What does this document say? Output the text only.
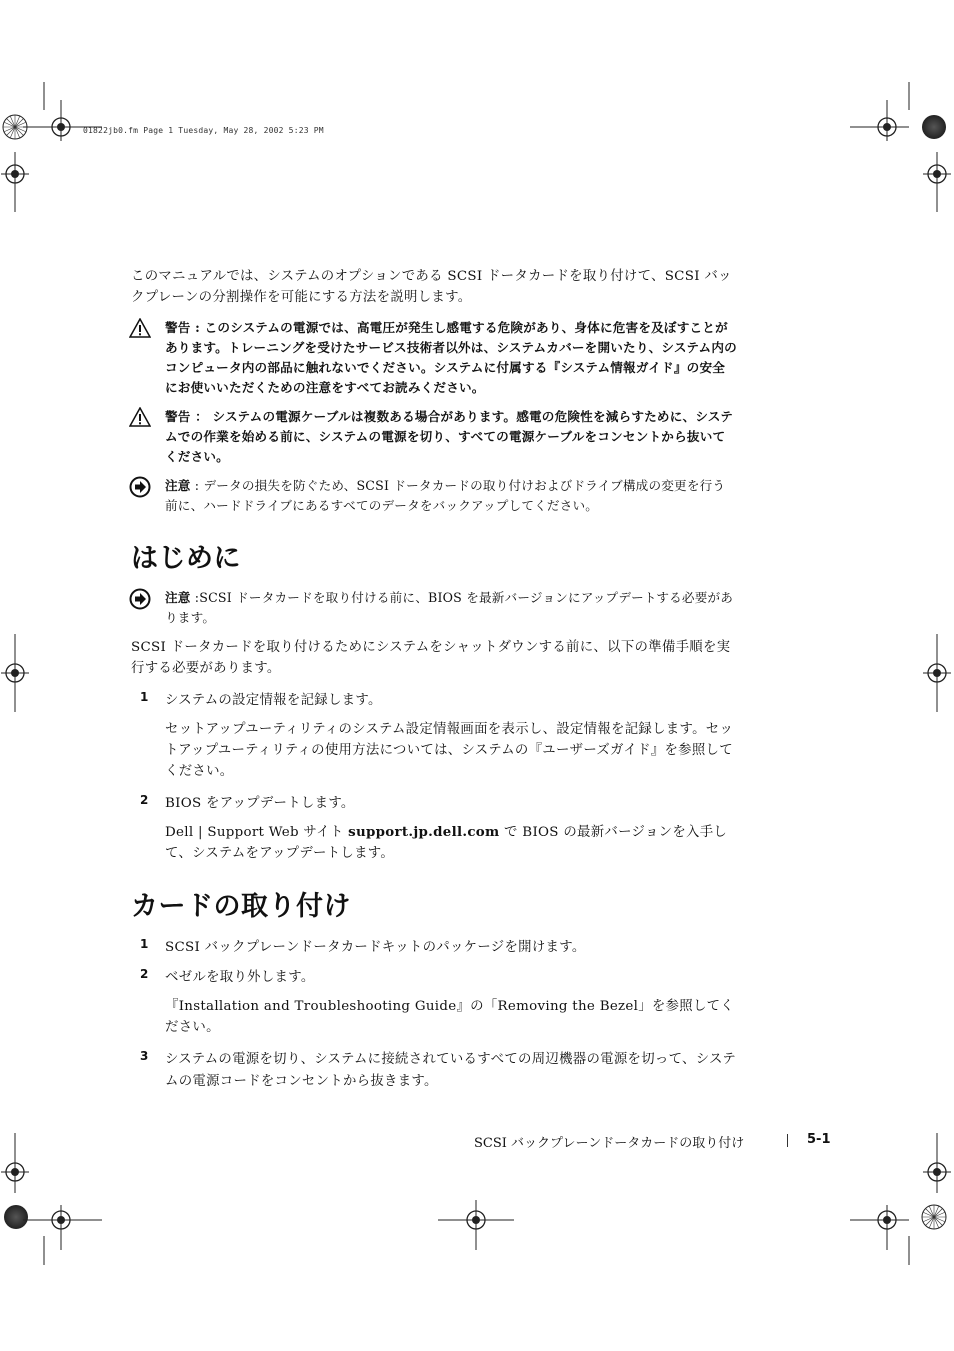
01822jb0.fm Page 1 Tuesday, May 28, 2002 5:23 PM

このマニュアルでは、システムのオプションである SCSI ドータカードを取り付けて、SCSI バックプレーンの分割操作を可能にする方法を説明します。

警告 : このシステムの電源では、高電圧が発生し感電する危険があり、身体に危害を及ぼすことがあります。トレーニングを受けたサービス技術者以外は、システムカバーを開いたり、システム内のコンピュータ内の部品に触れないでください。システムに付属する『システム情報ガイド』の安全にお使いいただくための注意をすべてお読みください。
警告 ： システムの電源ケーブルは複数ある場合があります。感電の危険性を減らすために、システムでの作業を始める前に、システムの電源を切り、すべての電源ケーブルをコンセントから抜いてください。
注意 : データの損失を防ぐため、SCSI ドータカードの取り付けおよびドライブ構成の変更を行う前に、ハードドライブにあるすべてのデータをバックアップしてください。
はじめに
注意 :SCSI ドータカードを取り付ける前に、BIOS を最新バージョンにアップデートする必要があります。

SCSI ドータカードを取り付けるためにシステムをシャットダウンする前に、以下の準備手順を実行する必要があります。

1 システムの設定情報を記録します。

セットアップユーティリティのシステム設定情報画面を表示し、設定情報を記録します。セットアップユーティリティの使用方法については、システムの『ユーザーズガイド』を参照してください。

2 BIOS をアップデートします。

Dell | Support Web サイト support.jp.dell.com で BIOS の最新バージョンを入手して、システムをアップデートします。

カードの取り付け
1 SCSI バックプレーンドータカードキットのパッケージを開けます。
2 ベゼルを取り外します。

『Installation and Troubleshooting Guide』の「Removing the Bezel」を参照してください。

3 システムの電源を切り、システムに接続されているすべての周辺機器の電源を切って、システムの電源コードをコンセントから抜きます。
SCSI バックプレーンドータカードの取り付け	5-1
